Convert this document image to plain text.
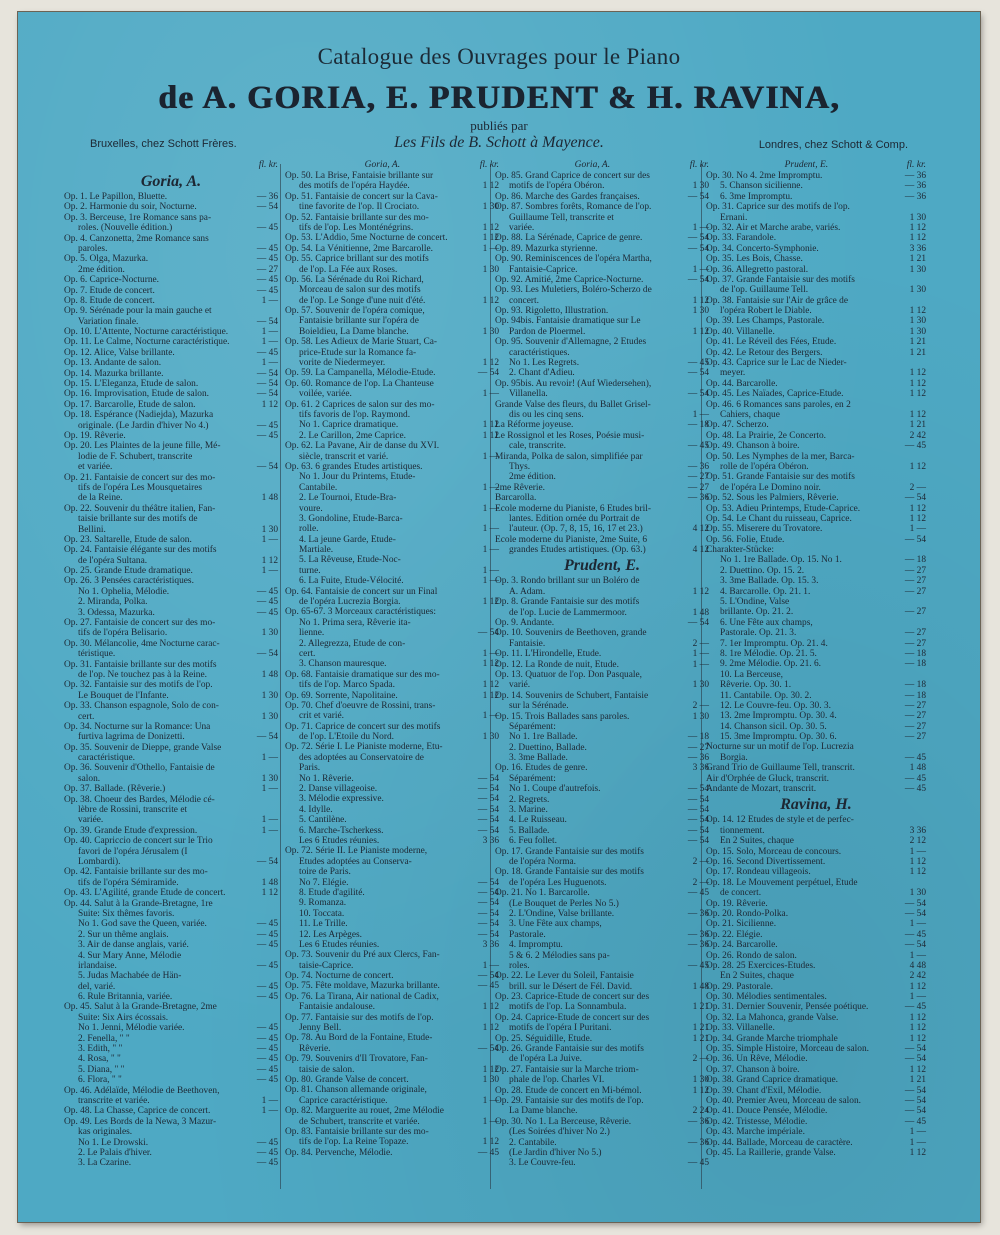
Catalogue des Ouvrages pour le Piano
de A. GORIA, E. PRUDENT & H. RAVINA,
publiés par
Les Fils de B. Schott à Mayence.
Bruxelles, chez Schott Frères.	Londres, chez Schott & Comp.
fl. kr.
Goria, A.
Op. 1. Le Papillon, Bluette.	— 36
Op. 2. Harmonie du soir, Nocturne.	— 54
Op. 3. Berceuse, 1re Romance sans pa-
roles. (Nouvelle édition.)	— 45
Op. 4. Canzonetta, 2me Romance sans
paroles.	— 45
Op. 5. Olga, Mazurka.	— 45
2me édition.	— 27
Op. 6. Caprice-Nocturne.	— 45
Op. 7. Etude de concert.	— 45
Op. 8. Etude de concert.	1 —
Op. 9. Sérénade pour la main gauche et
Variation finale.	— 54
Op. 10. L'Attente, Nocturne caractéristique.	1 —
Op. 11. Le Calme, Nocturne caractéristique.	1 —
Op. 12. Alice, Valse brillante.	— 45
Op. 13. Andante de salon.	1 —
Op. 14. Mazurka brillante.	— 54
Op. 15. L'Eleganza, Etude de salon.	— 54
Op. 16. Improvisation, Etude de salon.	— 54
Op. 17. Barcarolle, Etude de salon.	1 12
Op. 18. Espérance (Nadiejda), Mazurka
originale. (Le Jardin d'hiver No 4.)	— 45
Op. 19. Rêverie.	— 45
Op. 20. Les Plaintes de la jeune fille, Mé-
lodie de F. Schubert, transcrite
et variée.	— 54
Op. 21. Fantaisie de concert sur des mo-
tifs de l'opéra Les Mousquetaires
de la Reine.	1 48
Op. 22. Souvenir du théâtre italien, Fan-
taisie brillante sur des motifs de
Bellini.	1 30
Op. 23. Saltarelle, Etude de salon.	1 —
Op. 24. Fantaisie élégante sur des motifs
de l'opéra Sultana.	1 12
Op. 25. Grande Etude dramatique.	1 —
Op. 26. 3 Pensées caractéristiques.
No 1. Ophelia, Mélodie.	— 45
2. Miranda, Polka.	— 45
3. Odessa, Mazurka.	— 45
Op. 27. Fantaisie de concert sur des mo-
tifs de l'opéra Belisario.	1 30
Op. 30. Mélancolie, 4me Nocturne carac-
téristique.	— 54
Op. 31. Fantaisie brillante sur des motifs
de l'op. Ne touchez pas à la Reine.	1 48
Op. 32. Fantaisie sur des motifs de l'op.
Le Bouquet de l'Infante.	1 30
Op. 33. Chanson espagnole, Solo de con-
cert.	1 30
Op. 34. Nocturne sur la Romance: Una
furtiva lagrima de Donizetti.	— 54
Op. 35. Souvenir de Dieppe, grande Valse
caractéristique.	1 —
Op. 36. Souvenir d'Othello, Fantaisie de
salon.	1 30
Op. 37. Ballade. (Rêverie.)	1 —
Op. 38. Choeur des Bardes, Mélodie cé-
lèbre de Rossini, transcrite et
variée.	1 —
Op. 39. Grande Etude d'expression.	1 —
Op. 40. Capriccio de concert sur le Trio
favori de l'opéra Jérusalem (I
Lombardi).	— 54
Op. 42. Fantaisie brillante sur des mo-
tifs de l'opéra Sémiramide.	1 48
Op. 43. L'Agilité, grande Etude de concert.	1 12
Op. 44. Salut à la Grande-Bretagne, 1re
Suite: Six thêmes favoris.
No 1. God save the Queen, variée.	— 45
2. Sur un thême anglais.	— 45
3. Air de danse anglais, varié.	— 45
4. Sur Mary Anne, Mélodie
irlandaise.	— 45
5. Judas Machabée de Hän-
del, varié.	— 45
6. Rule Britannia, variée.	— 45
Op. 45. Salut à la Grande-Bretagne, 2me
Suite: Six Airs écossais.
No 1. Jenni, Mélodie variée.	— 45
2. Fenella, " "	— 45
3. Edith, " "	— 45
4. Rosa, " "	— 45
5. Diana, " "	— 45
6. Flora, " "	— 45
Op. 46. Adélaïde, Mélodie de Beethoven,
transcrite et variée.	1 —
Op. 48. La Chasse, Caprice de concert.	1 —
Op. 49. Les Bords de la Newa, 3 Mazur-
kas originales.
No 1. Le Drowski.	— 45
2. Le Palais d'hiver.	— 45
3. La Czarine.	— 45
Goria, A.	fl. kr.
Op. 50. La Brise, Fantaisie brillante sur
des motifs de l'opéra Haydée.	1 12
Op. 51. Fantaisie de concert sur la Cava-
tine favorite de l'op. Il Crociato.	1 30
Op. 52. Fantaisie brillante sur des mo-
tifs de l'op. Les Monténégrins.	1 12
Op. 53. L'Addio, 5me Nocturne de concert.	1 12
Op. 54. La Vénitienne, 2me Barcarolle.	1 —
Op. 55. Caprice brillant sur des motifs
de l'op. La Fée aux Roses.	1 30
Op. 56. La Sérénade du Roi Richard,
Morceau de salon sur des motifs
de l'op. Le Songe d'une nuit d'été.	1 12
Op. 57. Souvenir de l'opéra comique,
Fantaisie brillante sur l'opéra de
Boieldieu, La Dame blanche.	1 30
Op. 58. Les Adieux de Marie Stuart, Ca-
price-Etude sur la Romance fa-
vorite de Niedermeyer.	1 12
Op. 59. La Campanella, Mélodie-Etude.	— 54
Op. 60. Romance de l'op. La Chanteuse
voilée, variée.	1 —
Op. 61. 2 Caprices de salon sur des mo-
tifs favoris de l'op. Raymond.
No 1. Caprice dramatique.	1 12
2. Le Carillon, 2me Caprice.	1 12
Op. 62. La Pavane, Air de danse du XVI.
siècle, transcrit et varié.	1 —
Op. 63. 6 grandes Etudes artistiques.
No 1. Jour du Printems, Etude-
Cantabile.	1 —
2. Le Tournoi, Etude-Bra-
voure.	1 —
3. Gondoline, Etude-Barca-
rolle.	1 —
4. La jeune Garde, Etude-
Martiale.	1 —
5. La Rêveuse, Etude-Noc-
turne.	1 —
6. La Fuite, Etude-Vélocité.	1 —
Op. 64. Fantaisie de concert sur un Final
de l'opéra Lucrezia Borgia.	1 12
Op. 65-67. 3 Morceaux caractéristiques:
No 1. Prima sera, Rêverie ita-
lienne.	— 54
2. Allegrezza, Etude de con-
cert.	1 —
3. Chanson mauresque.	1 12
Op. 68. Fantaisie dramatique sur des mo-
tifs de l'op. Marco Spada.	1 12
Op. 69. Sorrente, Napolitaine.	1 12
Op. 70. Chef d'oeuvre de Rossini, trans-
crit et varié.	1 —
Op. 71. Caprice de concert sur des motifs
de l'op. L'Etoile du Nord.	1 30
Op. 72. Série I. Le Pianiste moderne, Etu-
des adoptées au Conservatoire de
Paris.
No 1. Rêverie.	— 54
2. Danse villageoise.	— 54
3. Mélodie expressive.	— 54
4. Idylle.	— 54
5. Cantilène.	— 54
6. Marche-Tscherkess.	— 54
Les 6 Etudes réunies.	3 36
Op. 72. Série II. Le Pianiste moderne,
Etudes adoptées au Conserva-
toire de Paris.
No 7. Elégie.	— 54
8. Etude d'agilité.	— 54
9. Romanza.	— 54
10. Toccata.	— 54
11. Le Trille.	— 54
12. Les Arpèges.	— 54
Les 6 Etudes réunies.	3 36
Op. 73. Souvenir du Pré aux Clercs, Fan-
taisie-Caprice.	1 —
Op. 74. Nocturne de concert.	— 54
Op. 75. Fête moldave, Mazurka brillante.	— 45
Op. 76. La Tirana, Air national de Cadix,
Fantaisie andalouse.	1 12
Op. 77. Fantaisie sur des motifs de l'op.
Jenny Bell.	1 12
Op. 78. Au Bord de la Fontaine, Etude-
Rêverie.	— 54
Op. 79. Souvenirs d'Il Trovatore, Fan-
taisie de salon.	1 12
Op. 80. Grande Valse de concert.	1 30
Op. 81. Chanson allemande originale,
Caprice caractéristique.	1 —
Op. 82. Marguerite au rouet, 2me Mélodie
de Schubert, transcrite et variée.	1 —
Op. 83. Fantaisie brillante sur des mo-
tifs de l'op. La Reine Topaze.	1 12
Op. 84. Pervenche, Mélodie.	— 45
Goria, A.	fl. kr.
Op. 85. Grand Caprice de concert sur des
motifs de l'opéra Obéron.	1 30
Op. 86. Marche des Gardes françaises.	— 54
Op. 87. Sombres forêts, Romance de l'op.
Guillaume Tell, transcrite et
variée.	1 —
Op. 88. La Sérénade, Caprice de genre.	— 54
Op. 89. Mazurka styrienne.	— 54
Op. 90. Reminiscences de l'opéra Martha,
Fantaisie-Caprice.	1 —
Op. 92. Amitié, 2me Caprice-Nocturne.	— 54
Op. 93. Les Muletiers, Boléro-Scherzo de
concert.	1 12
Op. 93. Rigoletto, Illustration.	1 30
Op. 94bis. Fantaisie dramatique sur Le
Pardon de Ploermel.	1 12
Op. 95. Souvenir d'Allemagne, 2 Etudes
caractéristiques.
No 1. Les Regrets.	— 45
2. Chant d'Adieu.	— 54
Op. 95bis. Au revoir! (Auf Wiedersehen),
Villanella.	— 54
Grande Valse des fleurs, du Ballet Grisel-
dis ou les cinq sens.	1 —
La Réforme joyeuse.	— 18
Le Rossignol et les Roses, Poésie musi-
cale, transcrite.	— 45
Miranda, Polka de salon, simplifiée par
Thys.	— 36
2me édition.	— 27
2me Rêverie.	— 27
Barcarolla.	— 36
Ecole moderne du Pianiste, 6 Etudes bril-
lantes. Edition ornée du Portrait de
l'auteur. (Op. 7, 8, 15, 16, 17 et 23.)	4 12
Ecole moderne du Pianiste, 2me Suite, 6
grandes Etudes artistiques. (Op. 63.)	4 12
Prudent, E.
Op. 3. Rondo brillant sur un Boléro de
A. Adam.	1 12
Op. 8. Grande Fantaisie sur des motifs
de l'op. Lucie de Lammermoor.	1 48
Op. 9. Andante.	— 54
Op. 10. Souvenirs de Beethoven, grande
Fantaisie.	2 —
Op. 11. L'Hirondelle, Etude.	1 —
Op. 12. La Ronde de nuit, Etude.	1 —
Op. 13. Quatuor de l'op. Don Pasquale,
varié.	1 30
Op. 14. Souvenirs de Schubert, Fantaisie
sur la Sérénade.	2 —
Op. 15. Trois Ballades sans paroles.	1 30
Séparément:
No 1. 1re Ballade.	— 18
2. Duettino, Ballade.	— 27
3. 3me Ballade.	— 36
Op. 16. Etudes de genre.	3 36
Séparément:
No 1. Coupe d'autrefois.	— 54
2. Regrets.	— 54
3. Marine.	— 54
4. Le Ruisseau.	— 54
5. Ballade.	— 54
6. Feu follet.	— 54
Op. 17. Grande Fantaisie sur des motifs
de l'opéra Norma.	2 —
Op. 18. Grande Fantaisie sur des motifs
de l'opéra Les Huguenots.	2 —
Op. 21. No 1. Barcarolle.	— 45
(Le Bouquet de Perles No 5.)
2. L'Ondine, Valse brillante.	— 36
3. Une Fête aux champs,
Pastorale.	— 36
4. Impromptu.	— 36
5 & 6. 2 Mélodies sans pa-
roles.	— 45
Op. 22. Le Lever du Soleil, Fantaisie
brill. sur le Désert de Fél. David.	1 48
Op. 23. Caprice-Etude de concert sur des
motifs de l'op. La Sonnambula.	1 21
Op. 24. Caprice-Etude de concert sur des
motifs de l'opéra I Puritani.	1 21
Op. 25. Séguidille, Etude.	1 21
Op. 26. Grande Fantaisie sur des motifs
de l'opéra La Juive.	2 —
Op. 27. Fantaisie sur la Marche triom-
phale de l'op. Charles VI.	1 30
Op. 28. Etude de concert en Mi-bémol.	1 12
Op. 29. Fantaisie sur des motifs de l'op.
La Dame blanche.	2 24
Op. 30. No 1. La Berceuse, Rêverie.	— 36
(Les Soirées d'hiver No 2.)
2. Cantabile.	— 36
(Le Jardin d'hiver No 5.)
3. Le Couvre-feu.	— 45
Prudent, E.	fl. kr.
Op. 30. No 4. 2me Impromptu.	— 36
5. Chanson sicilienne.	— 36
6. 3me Impromptu.	— 36
Op. 31. Caprice sur des motifs de l'op.
Ernani.	1 30
Op. 32. Air et Marche arabe, variés.	1 12
Op. 33. Farandole.	1 12
Op. 34. Concerto-Symphonie.	3 36
Op. 35. Les Bois, Chasse.	1 21
Op. 36. Allegretto pastoral.	1 30
Op. 37. Grande Fantaisie sur des motifs
de l'op. Guillaume Tell.	1 30
Op. 38. Fantaisie sur l'Air de grâce de
l'opéra Robert le Diable.	1 12
Op. 39. Les Champs, Pastorale.	1 30
Op. 40. Villanelle.	1 30
Op. 41. Le Réveil des Fées, Etude.	1 21
Op. 42. Le Retour des Bergers.	1 21
Op. 43. Caprice sur le Lac de Nieder-
meyer.	1 12
Op. 44. Barcarolle.	1 12
Op. 45. Les Naïades, Caprice-Etude.	1 12
Op. 46. 6 Romances sans paroles, en 2
Cahiers, chaque	1 12
Op. 47. Scherzo.	1 21
Op. 48. La Prairie, 2e Concerto.	2 42
Op. 49. Chanson à boire.	— 45
Op. 50. Les Nymphes de la mer, Barca-
rolle de l'opéra Obéron.	1 12
Op. 51. Grande Fantaisie sur des motifs
de l'opéra Le Domino noir.	2 —
Op. 52. Sous les Palmiers, Rêverie.	— 54
Op. 53. Adieu Printemps, Etude-Caprice.	1 12
Op. 54. Le Chant du ruisseau, Caprice.	1 12
Op. 55. Miserere du Trovatore.	1 —
Op. 56. Folie, Etude.	— 54
Charakter-Stücke:
No 1. 1re Ballade. Op. 15. No 1.	— 18
2. Duettino. Op. 15. 2.	— 27
3. 3me Ballade. Op. 15. 3.	— 27
4. Barcarolle. Op. 21. 1.	— 27
5. L'Ondine, Valse
brillante. Op. 21. 2.	— 27
6. Une Fête aux champs,
Pastorale. Op. 21. 3.	— 27
7. 1er Impromptu. Op. 21. 4.	— 27
8. 1re Mélodie. Op. 21. 5.	— 18
9. 2me Mélodie. Op. 21. 6.	— 18
10. La Berceuse,
Rêverie. Op. 30. 1.	— 18
11. Cantabile. Op. 30. 2.	— 18
12. Le Couvre-feu. Op. 30. 3.	— 27
13. 2me Impromptu. Op. 30. 4.	— 27
14. Chanson sicil. Op. 30. 5.	— 27
15. 3me Impromptu. Op. 30. 6.	— 27
Nocturne sur un motif de l'op. Lucrezia
Borgia.	— 45
Grand Trio de Guillaume Tell, transcrit.	1 48
Air d'Orphée de Gluck, transcrit.	— 45
Andante de Mozart, transcrit.	— 45
Ravina, H.
Op. 14. 12 Etudes de style et de perfec-
tionnement.	3 36
En 2 Suites, chaque	2 12
Op. 15. Solo, Morceau de concours.	1 —
Op. 16. Second Divertissement.	1 12
Op. 17. Rondeau villageois.	1 12
Op. 18. Le Mouvement perpétuel, Etude
de concert.	1 30
Op. 19. Rêverie.	— 54
Op. 20. Rondo-Polka.	— 54
Op. 21. Sicilienne.	1 —
Op. 22. Elégie.	— 45
Op. 24. Barcarolle.	— 54
Op. 26. Rondo de salon.	1 —
Op. 28. 25 Exercices-Etudes.	4 48
En 2 Suites, chaque	2 42
Op. 29. Pastorale.	1 12
Op. 30. Mélodies sentimentales.	1 —
Op. 31. Dernier Souvenir, Pensée poétique.	— 45
Op. 32. La Mahonca, grande Valse.	1 12
Op. 33. Villanelle.	1 12
Op. 34. Grande Marche triomphale	1 12
Op. 35. Simple Histoire, Morceau de salon.	— 54
Op. 36. Un Rêve, Mélodie.	— 54
Op. 37. Chanson à boire.	1 12
Op. 38. Grand Caprice dramatique.	1 21
Op. 39. Chant d'Exil, Mélodie.	— 54
Op. 40. Premier Aveu, Morceau de salon.	— 54
Op. 41. Douce Pensée, Mélodie.	— 54
Op. 42. Tristesse, Mélodie.	— 45
Op. 43. Marche impériale.	1 —
Op. 44. Ballade, Morceau de caractère.	1 —
Op. 45. La Raillerie, grande Valse.	1 12
